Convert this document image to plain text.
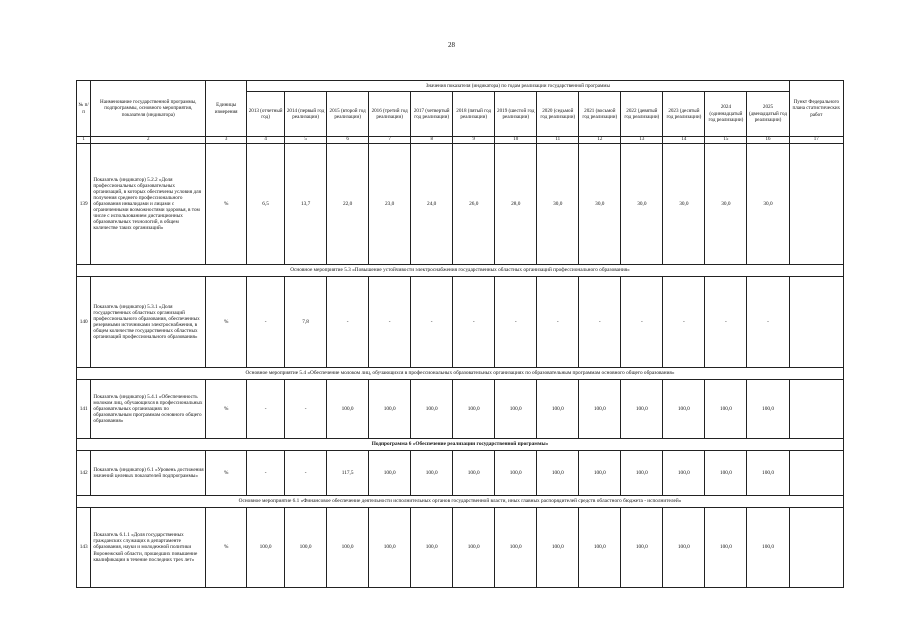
28
№ п/п	Наименование государственной программы, подпрограммы, основного мероприятия, показателя (индикатора)	Единицы измерения	Значения показателя (индикатора) по годам реализации государственной программы													Пункт Федерального плана статистических работ
			2013 (отчетный год)	2014 (первый год реализации)	2015 (второй год реализации)	2016 (третий год реализации)	2017 (четвертый год реализации)	2018 (пятый год реализации)	2019 (шестой год реализации)	2020 (седьмой год реализации)	2021 (восьмой год реализации)	2022 (девятый год реализации)	2023 (десятый год реализации)	2024 (одиннадцатый год реализации)	2025 (двенадцатый год реализации)	
1	2	3	4	5	6	7	8	9	10	11	12	13	14	15	16	17
139	Показатель (индикатор) 5.2.2 «Доля профессиональных образовательных организаций, в которых обеспечены условия для получения среднего профессионального образования инвалидами и лицами с ограниченными возможностями здоровья, в том числе с использованием дистанционных образовательных технологий, в общем количестве таких организаций»	%	6,5	13,7	22,0	23,0	24,0	26,0	28,0	30,0	30,0	30,0	30,0	30,0	30,0	
Основное мероприятие 5.3 «Повышение устойчивости электроснабжения государственных областных организаций профессионального образования»																
140	Показатель (индикатор) 5.3.1 «Доля государственных областных организаций профессионального образования, обеспеченных резервными источниками электроснабжения, в общем количестве государственных областных организаций профессионального образования»	%	-	7,8	-	-	-	-	-	-	-	-	-	-	-	
Основное мероприятие 5.4 «Обеспечение молоком лиц, обучающихся в профессиональных образовательных организациях по образовательным программам основного общего образования»																
141	Показатель (индикатор) 5.4.1 «Обеспеченность молоком лиц, обучающихся в профессиональных образовательных организациях по образовательным программам основного общего образования»	%	-	-	100,0	100,0	100,0	100,0	100,0	100,0	100,0	100,0	100,0	100,0	100,0	
Подпрограмма 6 «Обеспечение реализации государственной программы»																
142	Показатель (индикатор) 6.1 «Уровень достижения значений целевых показателей подпрограммы»	%	-	-	117,5	100,0	100,0	100,0	100,0	100,0	100,0	100,0	100,0	100,0	100,0	
Основное мероприятие 6.1 «Финансовое обеспечение деятельности исполнительных органов государственной власти, иных главных распорядителей средств областного бюджета - исполнителей»																
143	Показатель 6.1.1 «Доля государственных гражданских служащих в департаменте образования, науки и молодежной политики Воронежской области, прошедших повышение квалификации в течение последних трех лет»	%	100,0	100,0	100,0	100,0	100,0	100,0	100,0	100,0	100,0	100,0	100,0	100,0	100,0	
